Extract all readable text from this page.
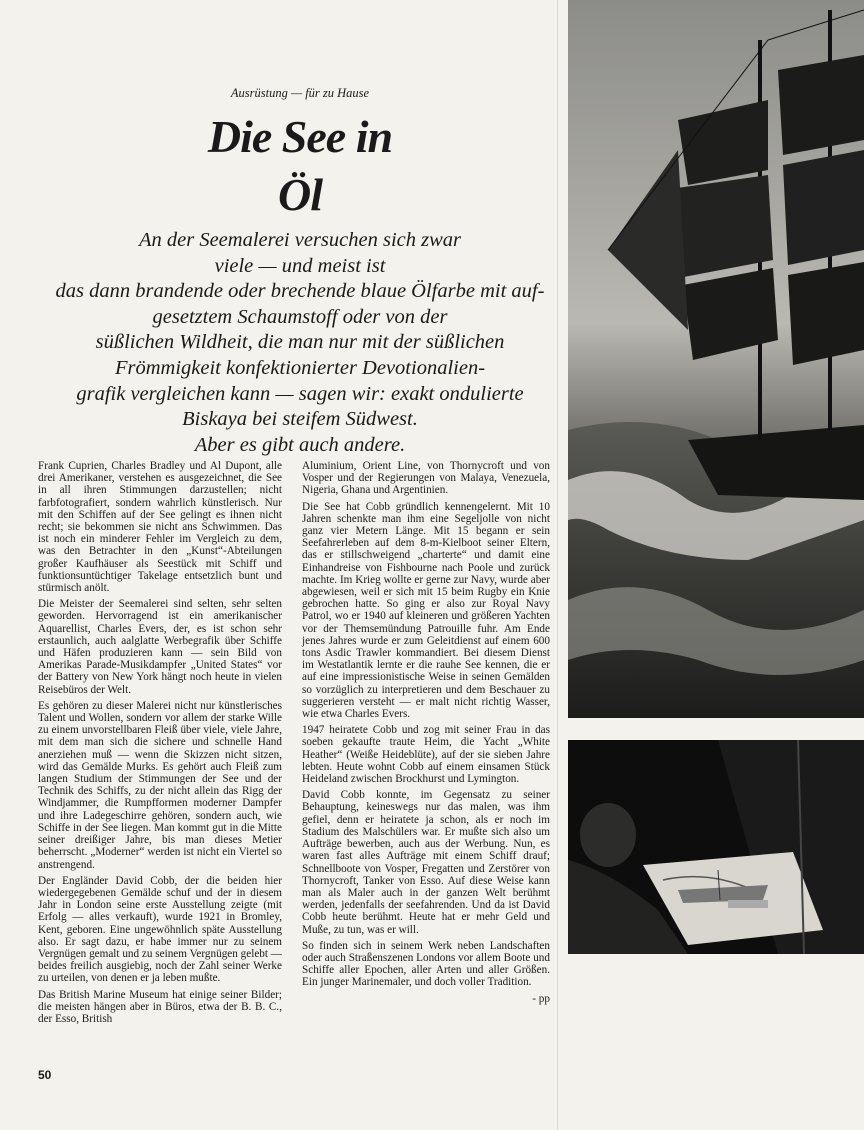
Ausrüstung — für zu Hause
Die See in
Öl
An der Seemalerei versuchen sich zwar
viele — und meist ist
das dann brandende oder brechende blaue Ölfarbe mit auf-
gesetztem Schaumstoff oder von der
süßlichen Wildheit, die man nur mit der süßlichen
Frömmigkeit konfektionierter Devotionalien-
grafik vergleichen kann — sagen wir: exakt ondulierte
Biskaya bei steifem Südwest.
Aber es gibt auch andere.

Frank Cuprien, Charles Bradley und Al Dupont, alle drei Amerikaner, verstehen es ausgezeichnet, die See in all ihren Stimmungen darzustellen; nicht farbfotografiert, sondern wahrlich künstlerisch. Nur mit den Schiffen auf der See gelingt es ihnen nicht recht; sie bekommen sie nicht ans Schwimmen. Das ist noch ein minderer Fehler im Vergleich zu dem, was den Betrachter in den „Kunst“-Abteilungen großer Kaufhäuser als Seestück mit Schiff und funktionsuntüchtiger Takelage entsetzlich bunt und stürmisch anölt.

Die Meister der Seemalerei sind selten, sehr selten geworden. Hervorragend ist ein amerikanischer Aquarellist, Charles Evers, der, es ist schon sehr erstaunlich, auch aalglatte Werbegrafik über Schiffe und Häfen produzieren kann — sein Bild von Amerikas Parade-Musikdampfer „United States“ vor der Battery von New York hängt noch heute in vielen Reisebüros der Welt.

Es gehören zu dieser Malerei nicht nur künstlerisches Talent und Wollen, sondern vor allem der starke Wille zu einem unvorstellbaren Fleiß über viele, viele Jahre, mit dem man sich die sichere und schnelle Hand anerziehen muß — wenn die Skizzen nicht sitzen, wird das Gemälde Murks. Es gehört auch Fleiß zum langen Studium der Stimmungen der See und der Technik des Schiffs, zu der nicht allein das Rigg der Windjammer, die Rumpfformen moderner Dampfer und ihre Ladegeschirre gehören, sondern auch, wie Schiffe in der See liegen. Man kommt gut in die Mitte seiner dreißiger Jahre, bis man dieses Metier beherrscht. „Moderner“ werden ist nicht ein Viertel so anstrengend.

Der Engländer David Cobb, der die beiden hier wiedergegebenen Gemälde schuf und der in diesem Jahr in London seine erste Ausstellung zeigte (mit Erfolg — alles verkauft), wurde 1921 in Bromley, Kent, geboren. Eine ungewöhnlich späte Ausstellung also. Er sagt dazu, er habe immer nur zu seinem Vergnügen gemalt und zu seinem Vergnügen gelebt — beides freilich ausgiebig, noch der Zahl seiner Werke zu urteilen, von denen er ja leben mußte.

Das British Marine Museum hat einige seiner Bilder; die meisten hängen aber in Büros, etwa der B. B. C., der Esso, British

Aluminium, Orient Line, von Thornycroft und von Vosper und der Regierungen von Malaya, Venezuela, Nigeria, Ghana und Argentinien.

Die See hat Cobb gründlich kennengelernt. Mit 10 Jahren schenkte man ihm eine Segeljolle von nicht ganz vier Metern Länge. Mit 15 begann er sein Seefahrerleben auf dem 8-m-Kielboot seiner Eltern, das er stillschweigend „charterte“ und damit eine Einhandreise von Fishbourne nach Poole und zurück machte. Im Krieg wollte er gerne zur Navy, wurde aber abgewiesen, weil er sich mit 15 beim Rugby ein Knie gebrochen hatte. So ging er also zur Royal Navy Patrol, wo er 1940 auf kleineren und größeren Yachten vor der Themsemündung Patrouille fuhr. Am Ende jenes Jahres wurde er zum Geleitdienst auf einem 600 tons Asdic Trawler kommandiert. Bei diesem Dienst im Westatlantik lernte er die rauhe See kennen, die er auf eine impressionistische Weise in seinen Gemälden so vorzüglich zu interpretieren und dem Beschauer zu suggerieren versteht — er malt nicht richtig Wasser, wie etwa Charles Evers.

1947 heiratete Cobb und zog mit seiner Frau in das soeben gekaufte traute Heim, die Yacht „White Heather“ (Weiße Heideblüte), auf der sie sieben Jahre lebten. Heute wohnt Cobb auf einem einsamen Stück Heideland zwischen Brockhurst und Lymington.

David Cobb konnte, im Gegensatz zu seiner Behauptung, keineswegs nur das malen, was ihm gefiel, denn er heiratete ja schon, als er noch im Stadium des Malschülers war. Er mußte sich also um Aufträge bewerben, auch aus der Werbung. Nun, es waren fast alles Aufträge mit einem Schiff drauf; Schnellboote von Vosper, Fregatten und Zerstörer von Thornycroft, Tanker von Esso. Auf diese Weise kann man als Maler auch in der ganzen Welt berühmt werden, jedenfalls der seefahrenden. Und da ist David Cobb heute berühmt. Heute hat er mehr Geld und Muße, zu tun, was er will.

So finden sich in seinem Werk neben Landschaften oder auch Straßenszenen Londons vor allem Boote und Schiffe aller Epochen, aller Arten und aller Größen. Ein junger Marinemaler, und doch voller Tradition.

- pp
50
